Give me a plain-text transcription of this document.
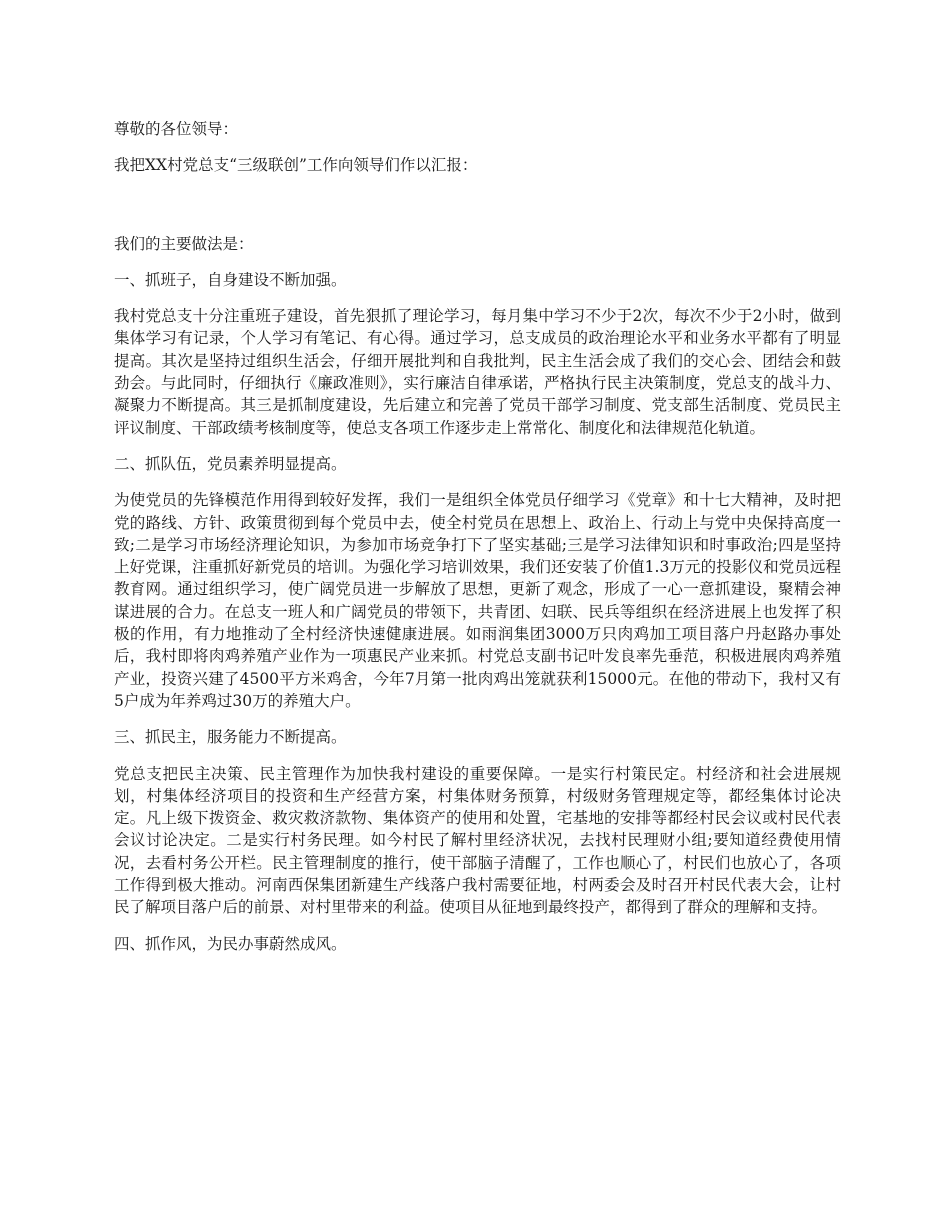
尊敬的各位领导：

我把XX村党总支“三级联创”工作向领导们作以汇报：

我们的主要做法是：

一、抓班子，自身建设不断加强。

我村党总支十分注重班子建设，首先狠抓了理论学习，每月集中学习不少于2次，每次不少于2小时，做到集体学习有记录，个人学习有笔记、有心得。通过学习，总支成员的政治理论水平和业务水平都有了明显提高。其次是坚持过组织生活会，仔细开展批判和自我批判，民主生活会成了我们的交心会、团结会和鼓劲会。与此同时，仔细执行《廉政准则》，实行廉洁自律承诺，严格执行民主决策制度，党总支的战斗力、凝聚力不断提高。其三是抓制度建设，先后建立和完善了党员干部学习制度、党支部生活制度、党员民主评议制度、干部政绩考核制度等，使总支各项工作逐步走上常常化、制度化和法律规范化轨道。

二、抓队伍，党员素养明显提高。

为使党员的先锋模范作用得到较好发挥，我们一是组织全体党员仔细学习《党章》和十七大精神，及时把党的路线、方针、政策贯彻到每个党员中去，使全村党员在思想上、政治上、行动上与党中央保持高度一致;二是学习市场经济理论知识，为参加市场竞争打下了坚实基础;三是学习法律知识和时事政治;四是坚持上好党课，注重抓好新党员的培训。为强化学习培训效果，我们还安装了价值1.3万元的投影仪和党员远程教育网。通过组织学习，使广阔党员进一步解放了思想，更新了观念，形成了一心一意抓建设，聚精会神谋进展的合力。在总支一班人和广阔党员的带领下，共青团、妇联、民兵等组织在经济进展上也发挥了积极的作用，有力地推动了全村经济快速健康进展。如雨润集团3000万只肉鸡加工项目落户丹赵路办事处后，我村即将肉鸡养殖产业作为一项惠民产业来抓。村党总支副书记叶发良率先垂范，积极进展肉鸡养殖产业，投资兴建了4500平方米鸡舍，今年7月第一批肉鸡出笼就获利15000元。在他的带动下，我村又有5户成为年养鸡过30万的养殖大户。

三、抓民主，服务能力不断提高。

党总支把民主决策、民主管理作为加快我村建设的重要保障。一是实行村策民定。村经济和社会进展规划，村集体经济项目的投资和生产经营方案，村集体财务预算，村级财务管理规定等，都经集体讨论决定。凡上级下拨资金、救灾救济款物、集体资产的使用和处置，宅基地的安排等都经村民会议或村民代表会议讨论决定。二是实行村务民理。如今村民了解村里经济状况，去找村民理财小组;要知道经费使用情况，去看村务公开栏。民主管理制度的推行，使干部脑子清醒了，工作也顺心了，村民们也放心了，各项工作得到极大推动。河南西保集团新建生产线落户我村需要征地，村两委会及时召开村民代表大会，让村民了解项目落户后的前景、对村里带来的利益。使项目从征地到最终投产，都得到了群众的理解和支持。

四、抓作风，为民办事蔚然成风。
